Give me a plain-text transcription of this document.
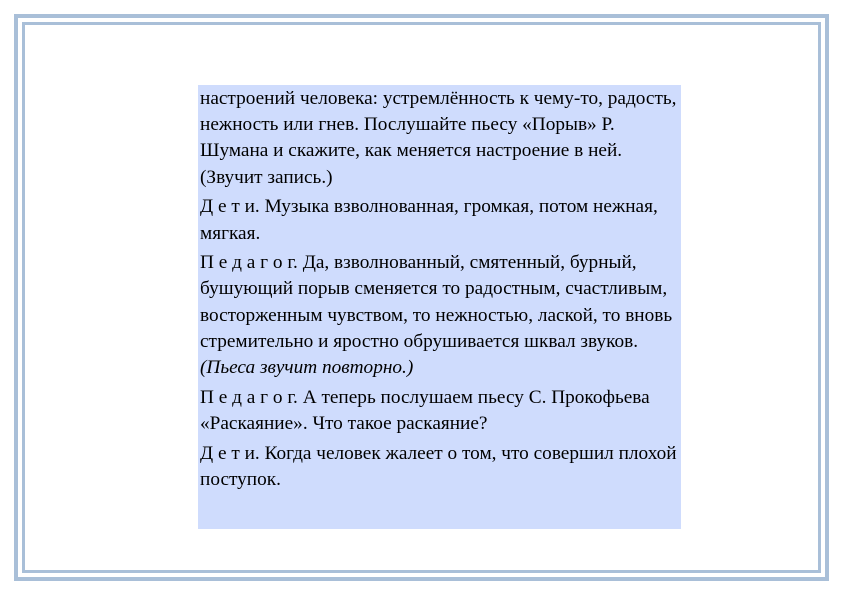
настроений человека: устремлённость к чему-то, радость, нежность или гнев. Послушайте пьесу «Порыв» Р. Шумана и скажите, как меняется настроение в ней. (Звучит запись.)

Д е т и. Музыка взволнованная, громкая, потом нежная, мягкая.

П е д а г о г. Да, взволнованный, смятенный, бурный, бушующий порыв сменяется то радостным, счастливым, восторженным чувством, то нежностью, лаской, то вновь стремительно и яростно обрушивается шквал звуков. (Пьеса звучит повторно.)

П е д а г о г. А теперь послушаем пьесу С. Прокофьева «Раскаяние». Что такое раскаяние?

Д е т и. Когда человек жалеет о том, что совершил плохой поступок.
